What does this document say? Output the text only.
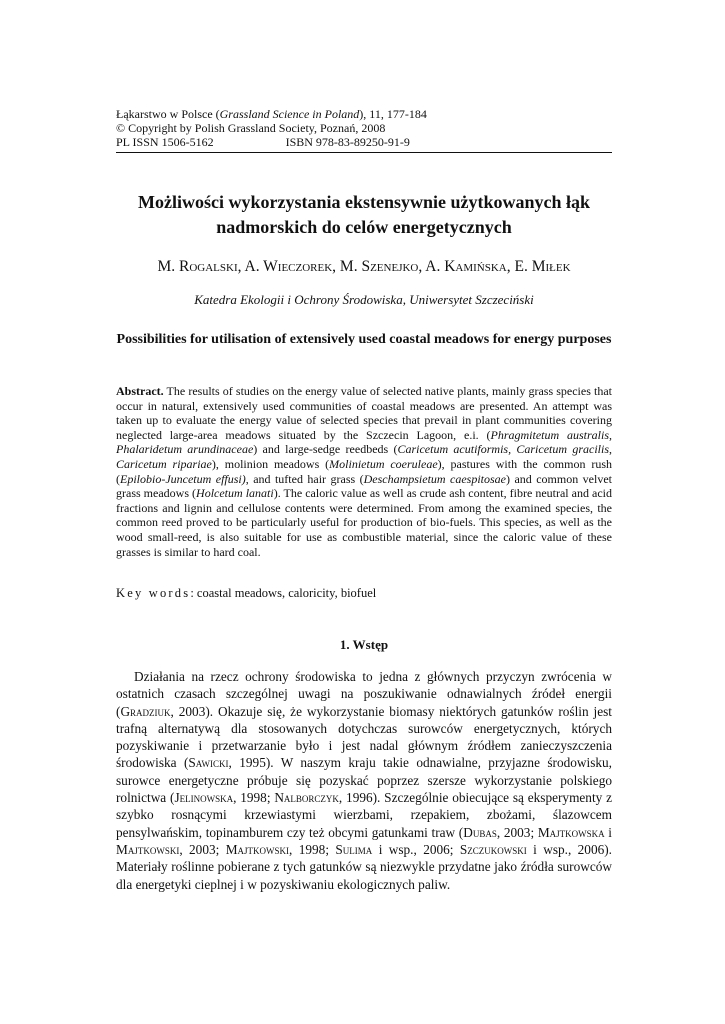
Łąkarstwo w Polsce (Grassland Science in Poland), 11, 177-184
© Copyright by Polish Grassland Society, Poznań, 2008
PL ISSN 1506-5162	ISBN 978-83-89250-91-9
Możliwości wykorzystania ekstensywnie użytkowanych łąk
nadmorskich do celów energetycznych
M. Rogalski, A. Wieczorek, M. Szenejko, A. Kamińska, E. Miłek
Katedra Ekologii i Ochrony Środowiska, Uniwersytet Szczeciński
Possibilities for utilisation of extensively used coastal meadows for energy purposes
Abstract. The results of studies on the energy value of selected native plants, mainly grass species that occur in natural, extensively used communities of coastal meadows are presented. An attempt was taken up to evaluate the energy value of selected species that prevail in plant communities covering neglected large-area meadows situated by the Szczecin Lagoon, e.i. (Phragmitetum australis, Phalaridetum arundinaceae) and large-sedge reedbeds (Caricetum acutiformis, Caricetum gracilis, Caricetum ripariae), molinion meadows (Molinietum coeruleae), pastures with the common rush (Epilobio-Juncetum effusi), and tufted hair grass (Deschampsietum caespitosae) and common velvet grass meadows (Holcetum lanati). The caloric value as well as crude ash content, fibre neutral and acid fractions and lignin and cellulose contents were determined. From among the examined species, the common reed proved to be particularly useful for production of bio-fuels. This species, as well as the wood small-reed, is also suitable for use as combustible material, since the caloric value of these grasses is similar to hard coal.
Key words: coastal meadows, caloricity, biofuel
1. Wstęp
Działania na rzecz ochrony środowiska to jedna z głównych przyczyn zwrócenia w ostatnich czasach szczególnej uwagi na poszukiwanie odnawialnych źródeł energii (Gradziuk, 2003). Okazuje się, że wykorzystanie biomasy niektórych gatunków roślin jest trafną alternatywą dla stosowanych dotychczas surowców energetycznych, których pozyskiwanie i przetwarzanie było i jest nadal głównym źródłem zanieczyszczenia środowiska (Sawicki, 1995). W naszym kraju takie odnawialne, przyjazne środowisku, surowce energetyczne próbuje się pozyskać poprzez szersze wykorzystanie polskiego rolnictwa (Jelinowska, 1998; Nalborczyk, 1996). Szczególnie obiecujące są eksperymenty z szybko rosnącymi krzewiastymi wierzbami, rzepakiem, zbożami, ślazowcem pensylwańskim, topinamburem czy też obcymi gatunkami traw (Dubas, 2003; Majtkowska i Majtkowski, 2003; Majtkowski, 1998; Sulima i wsp., 2006; Szczukowski i wsp., 2006). Materiały roślinne pobierane z tych gatunków są niezwykle przydatne jako źródła surowców dla energetyki cieplnej i w pozyskiwaniu ekologicznych paliw.
